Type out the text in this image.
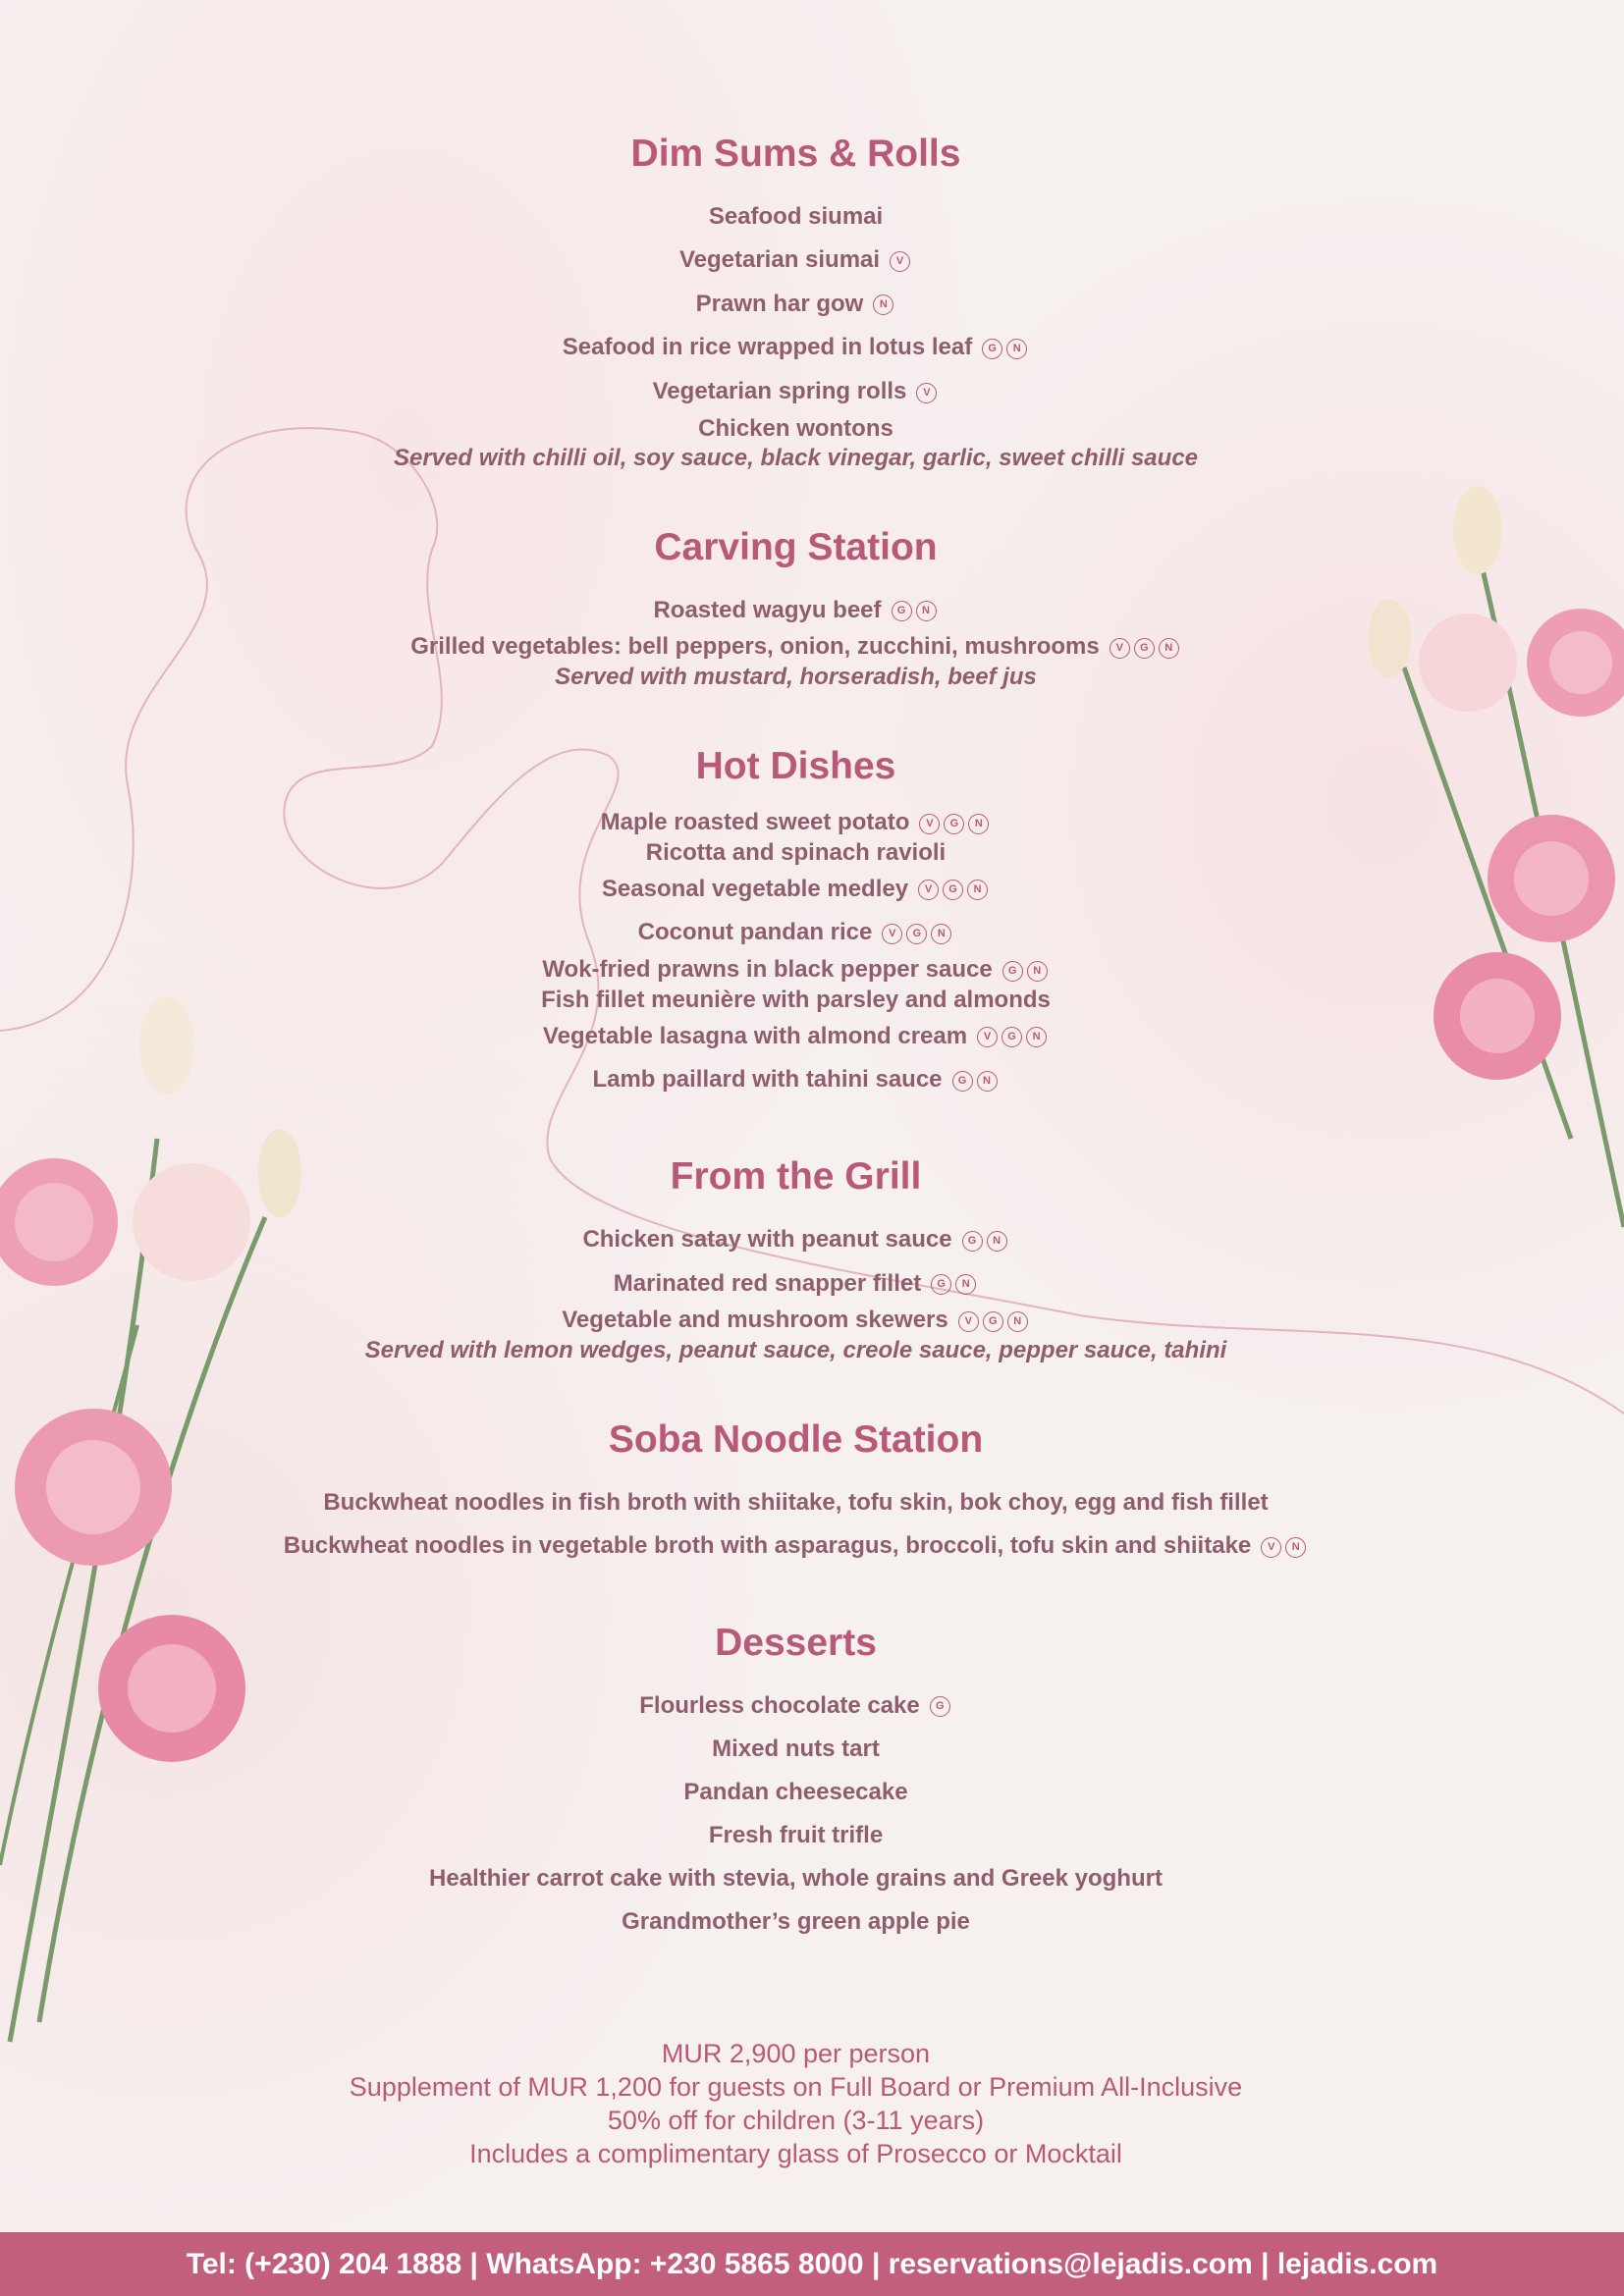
Dim Sums & Rolls
Seafood siumai
Vegetarian siumai V
Prawn har gow N
Seafood in rice wrapped in lotus leaf G N
Vegetarian spring rolls V
Chicken wontons
Served with chilli oil, soy sauce, black vinegar, garlic, sweet chilli sauce
Carving Station
Roasted wagyu beef G N
Grilled vegetables: bell peppers, onion, zucchini, mushrooms V G N
Served with mustard, horseradish, beef jus
Hot Dishes
Maple roasted sweet potato V G N
Ricotta and spinach ravioli
Seasonal vegetable medley V G N
Coconut pandan rice V G N
Wok-fried prawns in black pepper sauce G N
Fish fillet meunière with parsley and almonds
Vegetable lasagna with almond cream V G N
Lamb paillard with tahini sauce G N
From the Grill
Chicken satay with peanut sauce G N
Marinated red snapper fillet G N
Vegetable and mushroom skewers V G N
Served with lemon wedges, peanut sauce, creole sauce, pepper sauce, tahini
Soba Noodle Station
Buckwheat noodles in fish broth with shiitake, tofu skin, bok choy, egg and fish fillet
Buckwheat noodles in vegetable broth with asparagus, broccoli, tofu skin and shiitake V N
Desserts
Flourless chocolate cake G
Mixed nuts tart
Pandan cheesecake
Fresh fruit trifle
Healthier carrot cake with stevia, whole grains and Greek yoghurt
Grandmother’s green apple pie
MUR 2,900 per person
Supplement of MUR 1,200 for guests on Full Board or Premium All-Inclusive
50% off for children (3-11 years)
Includes a complimentary glass of Prosecco or Mocktail
Tel: (+230) 204 1888 | WhatsApp: +230 5865 8000 | reservations@lejadis.com | lejadis.com
